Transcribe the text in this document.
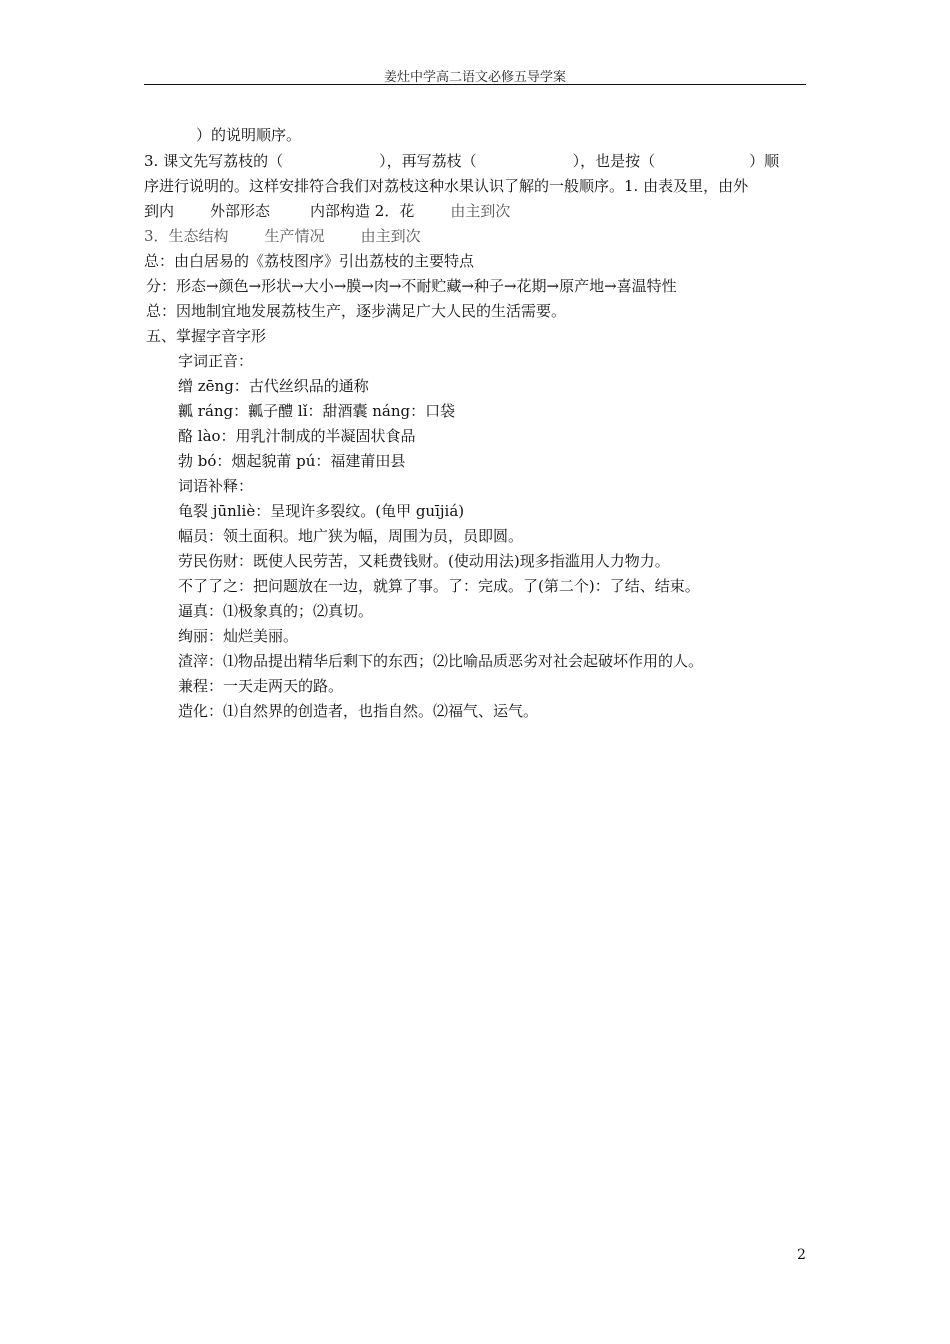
姜灶中学高二语文必修五导学案
）的说明顺序。
3. 课文先写荔枝的（	），再写荔枝（	），也是按（	）顺
序进行说明的。这样安排符合我们对荔枝这种水果认识了解的一般顺序。1. 由表及里，由外
到内 外部形态	内部构造 2．花 由主到次
3．生态结构 生产情况 由主到次
总：由白居易的《荔枝图序》引出荔枝的主要特点
分：形态→颜色→形状→大小→膜→肉→不耐贮藏→种子→花期→原产地→喜温特性
总：因地制宜地发展荔枝生产，逐步满足广大人民的生活需要。
五、掌握字音字形
字词正音：
缯 zēng：古代丝织品的通称
瓤 ráng：瓤子醴 lǐ：甜酒囊 náng：口袋
酪 lào：用乳汁制成的半凝固状食品
勃 bó：烟起貌莆 pú：福建莆田县
词语补释：
龟裂 jūnliè：呈现许多裂纹。(龟甲 guījiá)
幅员：领土面积。地广狭为幅，周围为员，员即圆。
劳民伤财：既使人民劳苦，又耗费钱财。(使动用法)现多指滥用人力物力。
不了了之：把问题放在一边，就算了事。了：完成。了(第二个)：了结、结束。
逼真：⑴极象真的；⑵真切。
绚丽：灿烂美丽。
渣滓：⑴物品提出精华后剩下的东西；⑵比喻品质恶劣对社会起破坏作用的人。
兼程：一天走两天的路。
造化：⑴自然界的创造者，也指自然。⑵福气、运气。
2
